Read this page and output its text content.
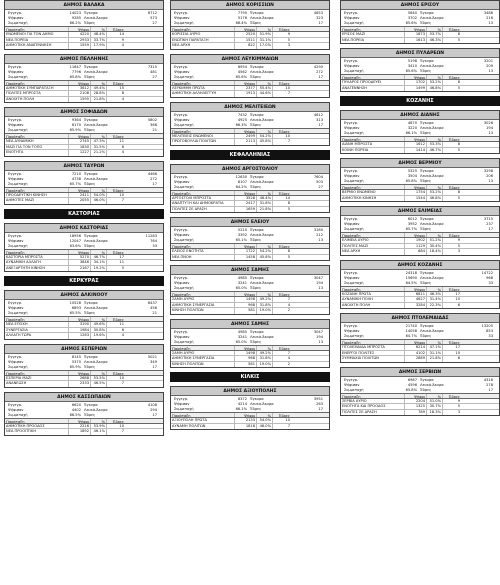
ΔΗΜΟΣ ΒΑΛΑΚΑ
Εγγεγρ.	14023 Έγκυρα	8712
Ψήφισαν	9285 Λευκά-Άκυρα	573
Συμμετοχή	66.2% Έδρες	27
Παράταξη	Ψήφοι	%	Έδρες
ΕΝΩΜΕΝΟΙ ΓΙΑ ΤΟΝ ΔΗΜΟ	4220	48.4%	14
ΝΕΑ ΠΟΡΕΙΑ	2933	33.7%	9
ΔΗΜΟΤΙΚΗ ΑΝΑΓΕΝΝΗΣΗ	1559	17.9%	4
ΔΗΜΟΣ ΠΕΛΛΗΝΗΣ
Εγγεγρ.	11847 Έγκυρα	7315
Ψήφισαν	7796 Λευκά-Άκυρα	481
Συμμετοχή	65.8% Έδρες	27
Παράταξη	Ψήφοι	%	Έδρες
ΔΗΜΟΤΙΚΗ ΣΥΜΠΑΡΑΤΑΞΗ	3612	49.4%	15
ΠΟΛΙΤΕΣ ΜΠΡΟΣΤΑ	2108	28.8%	8
ΑΝΟΙΧΤΗ ΠΟΛΗ	1595	21.8%	4
ΔΗΜΟΣ ΣΟΦΙΑΔΩΝ
Εγγεγρ.	9364 Έγκυρα	5802
Ψήφισαν	6170 Λευκά-Άκυρα	368
Συμμετοχή	65.9% Έδρες	21
Παράταξη	Ψήφοι	%	Έδρες
ΝΕΑ ΔΥΝΑΜΙΚΗ	2745	47.3%	11
ΜΑΖΙ ΓΙΑ ΤΟΝ ΤΟΠΟ	1830	31.5%	6
ΕΝΟΤΗΤΑ	1227	21.2%	4
ΔΗΜΟΣ ΤΑΥΡΩΝ
Εγγεγρ.	7210 Έγκυρα	4466
Ψήφισαν	4738 Λευκά-Άκυρα	272
Συμμετοχή	65.7% Έδρες	17
Παράταξη	Ψήφοι	%	Έδρες
ΠΡΟΟΔΕΥΤΙΚΗ ΚΙΝΗΣΗ	2411	54.0%	10
ΔΗΜΟΤΕΣ ΜΑΖΙ	2055	46.0%	7
ΚΑΣΤΟΡΙΑΣ
ΔΗΜΟΣ ΚΑΣΤΟΡΙΑΣ
Εγγεγρ.	18956 Έγκυρα	11283
Ψήφισαν	12047 Λευκά-Άκυρα	764
Συμμετοχή	63.6% Έδρες	33
Παράταξη	Ψήφοι	%	Έδρες
ΚΑΣΤΟΡΙΑ ΜΠΡΟΣΤΑ	5270	46.7%	17
ΔΥΝΑΜΙΚΗ ΑΛΛΑΓΗ	3846	34.1%	11
ΑΝΕΞΑΡΤΗΤΗ ΚΙΝΗΣΗ	2167	19.2%	5
ΚΕΡΚΥΡΑΣ
ΔΗΜΟΣ ΑΛΚΙΝΟΟΥ
Εγγεγρ.	10528 Έγκυρα	6437
Ψήφισαν	6893 Λευκά-Άκυρα	456
Συμμετοχή	65.5% Έδρες	21
Παράταξη	Ψήφοι	%	Έδρες
ΝΕΑ ΕΠΟΧΗ	3190	49.6%	11
ΣΥΝΕΡΓΑΣΙΑ	1984	30.8%	6
ΑΛΛΑΓΗ ΤΩΡΑ	1263	19.6%	4
ΔΗΜΟΣ ΕΣΠΕΡΙΩΝ
Εγγεγρ.	8145 Έγκυρα	5021
Ψήφισαν	5370 Λευκά-Άκυρα	349
Συμμετοχή	65.9% Έδρες	17
Παράταξη	Ψήφοι	%	Έδρες
ΕΣΠΕΡΙΑ ΜΑΖΙ	2688	53.5%	10
ΑΝΑΝΕΩΣΗ	2333	46.5%	7
ΔΗΜΟΣ ΚΑΣΣΩΠΑΙΩΝ
Εγγεγρ.	6620 Έγκυρα	4108
Ψήφισαν	4402 Λευκά-Άκυρα	294
Συμμετοχή	66.5% Έδρες	17
Παράταξη	Ψήφοι	%	Έδρες
ΔΗΜΟΤΙΚΗ ΠΡΟΟΔΟΣ	2216	53.9%	10
ΝΕΑ ΠΡΟΟΠΤΙΚΗ	1892	46.1%	7
ΔΗΜΟΣ ΚΟΡΙΣΣΙΩΝ
Εγγεγρ.	7790 Έγκυρα	4853
Ψήφισαν	5176 Λευκά-Άκυρα	323
Συμμετοχή	66.4% Έδρες	17
Παράταξη	Ψήφοι	%	Έδρες
ΚΟΡΙΣΣΙΑ ΑΥΡΙΟ	2520	51.9%	9
ΕΝΩΤΙΚΗ ΠΑΡΑΤΑΞΗ	1511	31.1%	5
ΝΕΑ ΑΡΧΗ	822	17.0%	3
ΔΗΜΟΣ ΛΕΥΚΙΜΜΑΙΩΝ
Εγγεγρ.	6954 Έγκυρα	4290
Ψήφισαν	4562 Λευκά-Άκυρα	272
Συμμετοχή	65.6% Έδρες	17
Παράταξη	Ψήφοι	%	Έδρες
ΛΕΥΚΙΜΜΗ ΠΡΩΤΑ	2377	55.4%	10
ΔΗΜΟΤΙΚΗ ΑΛΛΗΛΕΓΓΥΗ	1913	44.6%	7
ΔΗΜΟΣ ΜΕΛΙΤΕΙΕΩΝ
Εγγεγρ.	7432 Έγκυρα	4612
Ψήφισαν	4925 Λευκά-Άκυρα	313
Συμμετοχή	66.3% Έδρες	17
Παράταξη	Ψήφοι	%	Έδρες
ΜΕΛΙΤΕΙΕΙΣ ΕΝΩΜΕΝΟΙ	2499	54.2%	10
ΠΡΩΤΟΒΟΥΛΙΑ ΠΟΛΙΤΩΝ	2113	45.8%	7
ΚΕΦΑΛΛΗΝΙΑΣ
ΔΗΜΟΣ ΑΡΓΟΣΤΟΛΙΟΥ
Εγγεγρ.	12630 Έγκυρα	7604
Ψήφισαν	8107 Λευκά-Άκυρα	503
Συμμετοχή	64.2% Έδρες	27
Παράταξη	Ψήφοι	%	Έδρες
ΑΡΓΟΣΤΟΛΙ ΜΠΡΟΣΤΑ	3528	46.4%	14
ΑΝΑΠΤΥΞΗ ΚΑΙ ΔΗΜΟΚΡΑΤΙΑ	2417	31.8%	8
ΠΟΛΙΤΕΣ ΣΕ ΔΡΑΣΗ	1659	21.8%	5
ΔΗΜΟΣ ΕΛΕΙΟΥ
Εγγεγρ.	5210 Έγκυρα	3180
Ψήφισαν	3392 Λευκά-Άκυρα	212
Συμμετοχή	65.1% Έδρες	13
Παράταξη	Ψήφοι	%	Έδρες
ΕΛΕΙΟΣ ΕΝΟΤΗΤΑ	1722	54.2%	8
ΝΕΑ ΠΝΟΗ	1458	45.8%	5
ΔΗΜΟΣ ΣΑΜΗΣ
Εγγεγρ.	4985 Έγκυρα	3047
Ψήφισαν	3241 Λευκά-Άκυρα	194
Συμμετοχή	65.0% Έδρες	13
Παράταξη	Ψήφοι	%	Έδρες
ΣΑΜΗ ΑΥΡΙΟ	1498	49.2%	7
ΔΗΜΟΤΙΚΗ ΣΥΝΕΡΓΑΣΙΑ	968	31.8%	4
ΚΙΝΗΣΗ ΠΟΛΙΤΩΝ	581	19.0%	2
ΔΗΜΟΣ ΣΑΜΗΣ
Εγγεγρ.	4985 Έγκυρα	3047
Ψήφισαν	3241 Λευκά-Άκυρα	194
Συμμετοχή	65.0% Έδρες	13
Παράταξη	Ψήφοι	%	Έδρες
ΣΑΜΗ ΑΥΡΙΟ	1498	49.2%	7
ΔΗΜΟΤΙΚΗ ΣΥΝΕΡΓΑΣΙΑ	968	31.8%	4
ΚΙΝΗΣΗ ΠΟΛΙΤΩΝ	581	19.0%	2
ΚΙΛΚΙΣ
ΔΗΜΟΣ ΑΞΙΟΥΠΟΛΗΣ
Εγγεγρ.	6372 Έγκυρα	3951
Ψήφισαν	4214 Λευκά-Άκυρα	263
Συμμετοχή	66.1% Έδρες	17
Παράταξη	Ψήφοι	%	Έδρες
ΑΞΙΟΥΠΟΛΗ ΠΡΩΤΑ	2133	54.0%	10
ΔΥΝΑΜΗ ΠΟΛΙΤΩΝ	1818	46.0%	7
ΔΗΜΟΣ ΕΡΙΣΟΥ
Εγγεγρ.	5640 Έγκυρα	3486
Ψήφισαν	3702 Λευκά-Άκυρα	216
Συμμετοχή	65.6% Έδρες	13
Παράταξη	Ψήφοι	%	Έδρες
ΕΡΙΣΟΣ ΜΑΖΙ	1873	53.7%	8
ΝΕΑ ΠΟΡΕΙΑ	1613	46.3%	5
ΔΗΜΟΣ ΠΥΛΑΡΕΩΝ
Εγγεγρ.	5198 Έγκυρα	3201
Ψήφισαν	3410 Λευκά-Άκυρα	209
Συμμετοχή	65.6% Έδρες	13
Παράταξη	Ψήφοι	%	Έδρες
ΠΥΛΑΡΟΣ ΠΡΟΟΔΕΥΕΙ	1702	53.2%	8
ΑΝΑΓΕΝΝΗΣΗ	1499	46.8%	5
ΚΟΖΑΝΗΣ
ΔΗΜΟΣ ΑΙΑΝΗΣ
Εγγεγρ.	4870 Έγκυρα	3026
Ψήφισαν	3220 Λευκά-Άκυρα	194
Συμμετοχή	66.1% Έδρες	13
Παράταξη	Ψήφοι	%	Έδρες
ΑΙΑΝΗ ΜΠΡΟΣΤΑ	1612	53.3%	8
ΚΟΙΝΗ ΠΟΡΕΙΑ	1414	46.7%	5
ΔΗΜΟΣ ΒΕΡΜΙΟΥ
Εγγεγρ.	5325 Έγκυρα	3298
Ψήφισαν	3504 Λευκά-Άκυρα	206
Συμμετοχή	65.8% Έδρες	13
Παράταξη	Ψήφοι	%	Έδρες
ΒΕΡΜΙΟ ΕΝΩΜΕΝΟ	1754	53.2%	8
ΔΗΜΟΤΙΚΗ ΚΙΝΗΣΗ	1544	46.8%	5
ΔΗΜΟΣ ΕΛΙΜΕΙΑΣ
Εγγεγρ.	6012 Έγκυρα	3715
Ψήφισαν	3952 Λευκά-Άκυρα	237
Συμμετοχή	65.7% Έδρες	17
Παράταξη	Ψήφοι	%	Έδρες
ΕΛΙΜΕΙΑ ΑΥΡΙΟ	1902	51.2%	9
ΠΟΛΙΤΕΣ ΜΑΖΙ	1129	30.4%	5
ΝΕΑ ΑΡΧΗ	684	18.4%	3
ΔΗΜΟΣ ΚΟΖΑΝΗΣ
Εγγεγρ.	24318 Έγκυρα	14722
Ψήφισαν	15690 Λευκά-Άκυρα	968
Συμμετοχή	64.5% Έδρες	33
Παράταξη	Ψήφοι	%	Έδρες
ΚΟΖΑΝΗ ΠΡΩΤΑ	6811	46.3%	17
ΔΥΝΑΜΙΚΗ ΠΟΛΗ	4627	31.4%	10
ΑΝΟΙΧΤΗ ΠΟΛΗ	3284	22.3%	6
ΔΗΜΟΣ ΠΤΟΛΕΜΑΙΔΑΣ
Εγγεγρ.	21740 Έγκυρα	13205
Ψήφισαν	14058 Λευκά-Άκυρα	853
Συμμετοχή	64.7% Έδρες	33
Παράταξη	Ψήφοι	%	Έδρες
ΠΤΟΛΕΜΑΙΔΑ ΜΠΡΟΣΤΑ	6214	47.1%	17
ΕΝΕΡΓΟΙ ΠΟΛΙΤΕΣ	4102	31.1%	10
ΣΥΜΜΑΧΙΑ ΠΟΛΙΤΩΝ	2889	21.8%	6
ΔΗΜΟΣ ΣΕΡΒΙΩΝ
Εγγεγρ.	6987 Έγκυρα	4318
Ψήφισαν	4596 Λευκά-Άκυρα	278
Συμμετοχή	65.8% Έδρες	17
Παράταξη	Ψήφοι	%	Έδρες
ΣΕΡΒΙΑ ΑΥΡΙΟ	2204	51.0%	9
ΕΝΟΤΗΤΑ ΚΑΙ ΠΡΟΟΔΟΣ	1325	30.7%	5
ΠΟΛΙΤΕΣ ΣΕ ΔΡΑΣΗ	789	18.3%	3
